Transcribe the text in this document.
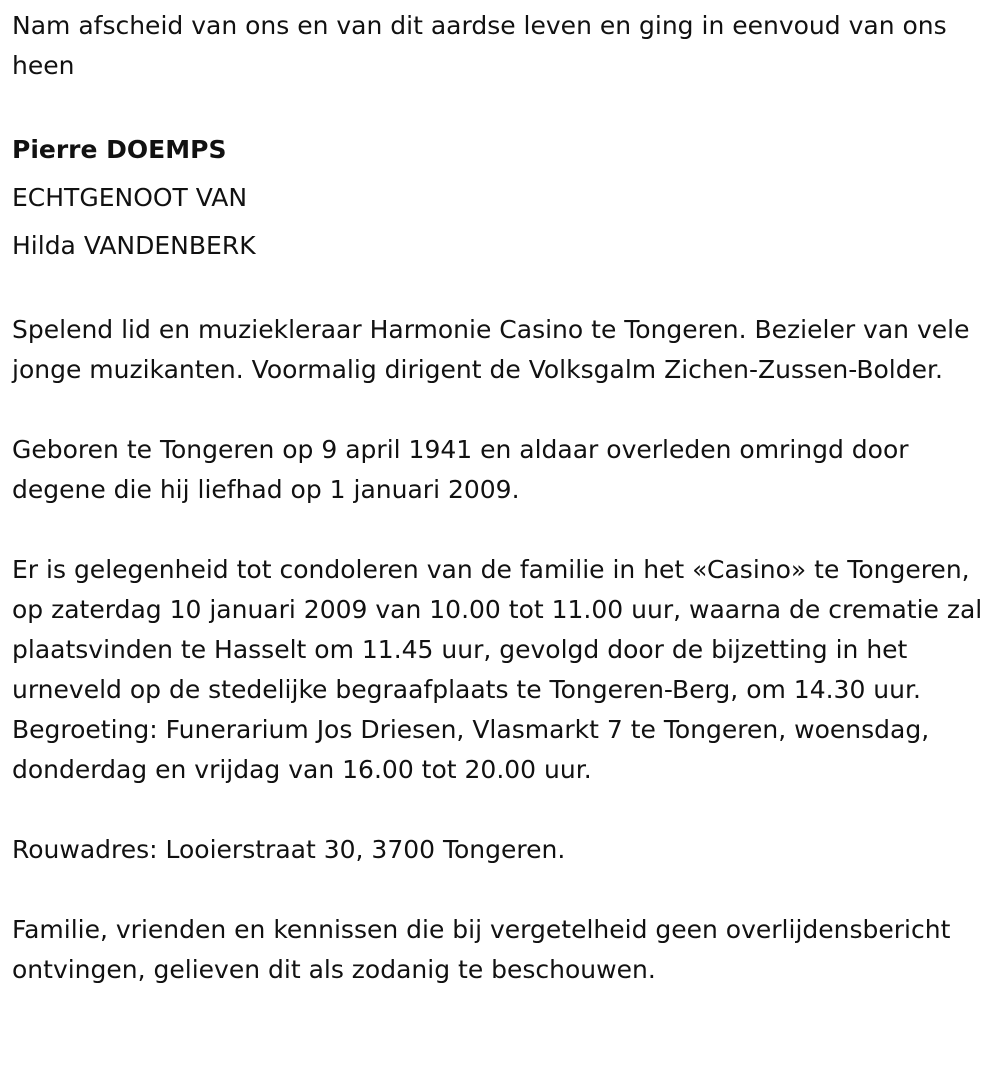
Nam afscheid van ons en van dit aardse leven en ging in eenvoud van ons heen

Pierre DOEMPS

ECHTGENOOT VAN

Hilda VANDENBERK

Spelend lid en muziekleraar Harmonie Casino te Tongeren. Bezieler van vele jonge muzikanten. Voormalig dirigent de Volksgalm Zichen-Zussen-Bolder.

Geboren te Tongeren op 9 april 1941 en aldaar overleden omringd door degene die hij liefhad op 1 januari 2009.

Er is gelegenheid tot condoleren van de familie in het «Casino» te Tongeren, op zaterdag 10 januari 2009 van 10.00 tot 11.00 uur, waarna de crematie zal plaatsvinden te Hasselt om 11.45 uur, gevolgd door de bijzetting in het urneveld op de stedelijke begraafplaats te Tongeren-Berg, om 14.30 uur. Begroeting: Funerarium Jos Driesen, Vlasmarkt 7 te Tongeren, woensdag, donderdag en vrijdag van 16.00 tot 20.00 uur.

Rouwadres: Looierstraat 30, 3700 Tongeren.

Familie, vrienden en kennissen die bij vergetelheid geen overlijdensbericht ontvingen, gelieven dit als zodanig te beschouwen.
